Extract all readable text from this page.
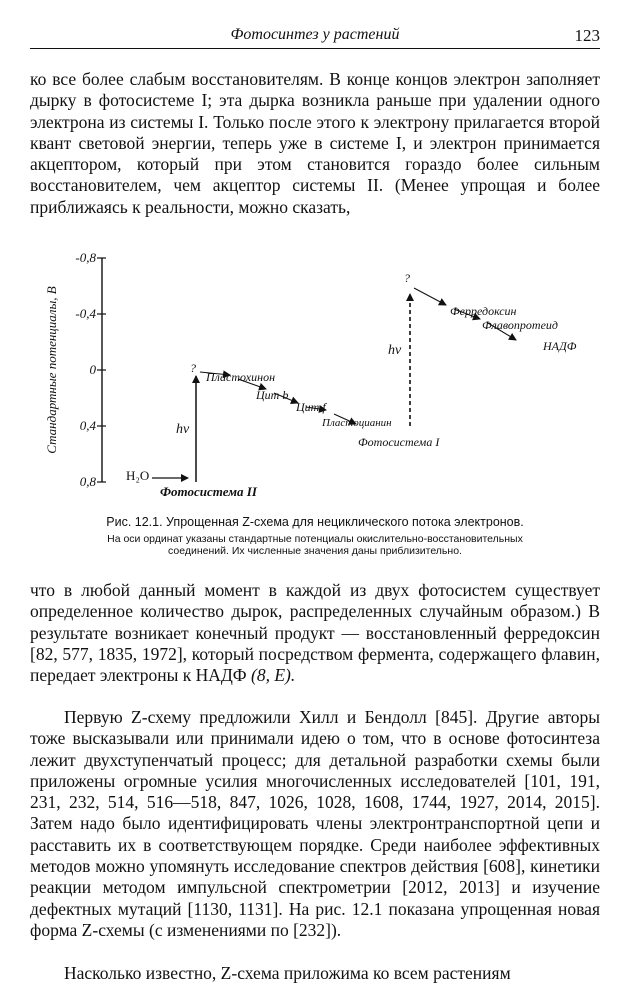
Фотосинтез у растений	123

ко все более слабым восстановителям. В конце концов электрон заполняет дырку в фотосистеме I; эта дырка возникла раньше при удалении одного электрона из системы I. Только после этого к электрону прилагается второй квант световой энергии, теперь уже в системе I, и электрон принимается акцептором, который при этом становится гораздо более сильным восстановителем, чем акцептор системы II. (Менее упрощая и более приближаясь к реальности, можно сказать,

-0,8
-0,4
0
0,4
0,8
Стандартные потенциалы, В
H₂O
Фотосистема II
hν
?
Пластохинон
Цит b
Цит f
Пластоцианин
Фотосистема I
hν
?
Ферредоксин
Флавопротеид
НАДФ
Рис. 12.1. Упрощенная Z-схема для нециклического потока электронов.
На оси ординат указаны стандартные потенциалы окислительно-восстановительных
соединений. Их численные значения даны приблизительно.

что в любой данный момент в каждой из двух фотосистем существует определенное количество дырок, распределенных случайным образом.) В результате возникает конечный продукт — восстановленный ферредоксин [82, 577, 1835, 1972], который посредством фермента, содержащего флавин, передает электроны к НАДФ (8, E).

Первую Z-схему предложили Хилл и Бендолл [845]. Другие авторы тоже высказывали или принимали идею о том, что в основе фотосинтеза лежит двухступенчатый процесс; для детальной разработки схемы были приложены огромные усилия многочисленных исследователей [101, 191, 231, 232, 514, 516—518, 847, 1026, 1028, 1608, 1744, 1927, 2014, 2015]. Затем надо было идентифицировать члены электронтранспортной цепи и расставить их в соответствующем порядке. Среди наиболее эффективных методов можно упомянуть исследование спектров действия [608], кинетики реакции методом импульсной спектрометрии [2012, 2013] и изучение дефектных мутаций [1130, 1131]. На рис. 12.1 показана упрощенная новая форма Z-схемы (с изменениями по [232]).

Насколько известно, Z-схема приложима ко всем растениям
